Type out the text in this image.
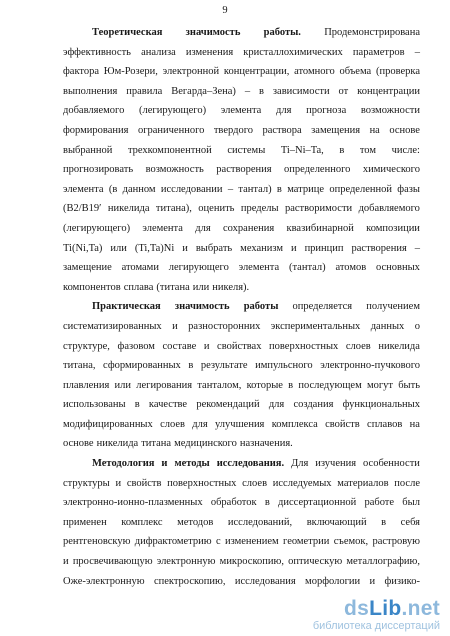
9
Теоретическая значимость работы. Продемонстрирована
эффективность анализа изменения кристаллохимических параметров –
фактора Юм-Розери, электронной концентрации, атомного объема (проверка
выполнения правила Вегарда–Зена) – в зависимости от концентрации
добавляемого (легирующего) элемента для прогноза возможности
формирования ограниченного твердого раствора замещения на основе
выбранной трехкомпонентной системы Ti–Ni–Ta, в том числе:
прогнозировать возможность растворения определенного химического
элемента (в данном исследовании – тантал) в матрице определенной фазы
(B2/B19′ никелида титана), оценить пределы растворимости добавляемого
(легирующего) элемента для сохранения квазибинарной композиции
Ti(Ni,Ta) или (Ti,Ta)Ni и выбрать механизм и принцип растворения –
замещение атомами легирующего элемента (тантал) атомов основных
компонентов сплава (титана или никеля).
Практическая значимость работы определяется получением
систематизированных и разносторонних экспериментальных данных о
структуре, фазовом составе и свойствах поверхностных слоев никелида
титана, сформированных в результате импульсного электронно-пучкового
плавления или легирования танталом, которые в последующем могут быть
использованы в качестве рекомендаций для создания функциональных
модифицированных слоев для улучшения комплекса свойств сплавов на
основе никелида титана медицинского назначения.
Методология и методы исследования. Для изучения особенности
структуры и свойств поверхностных слоев исследуемых материалов после
электронно-ионно-плазменных обработок в диссертационной работе был
применен комплекс методов исследований, включающий в себя
рентгеновскую дифрактометрию с изменением геометрии съемок, растровую
и просвечивающую электронную микроскопию, оптическую металлографию,
Оже-электронную спектроскопию, исследования морфологии и физико-
dsLib.net
библиотека диссертаций
